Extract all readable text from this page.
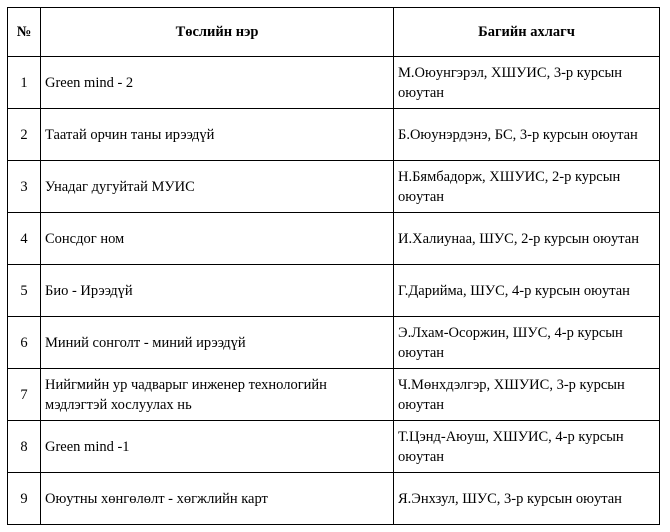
№	Төслийн нэр	Багийн ахлагч
1	Green mind - 2	М.Оюунгэрэл, ХШУИС, 3-р курсын оюутан
2	Таатай орчин таны ирээдүй	Б.Оюунэрдэнэ, БС, 3-р курсын оюутан
3	Унадаг дугуйтай МУИС	Н.Бямбадорж, ХШУИС, 2-р курсын оюутан
4	Сонсдог ном	И.Халиунаа, ШУС, 2-р курсын оюутан
5	Био - Ирээдүй	Г.Дарийма, ШУС, 4-р курсын оюутан
6	Миний сонголт - миний ирээдүй	Э.Лхам-Осоржин, ШУС, 4-р курсын оюутан
7	Нийгмийн ур чадварыг инженер технологийн мэдлэгтэй хослуулах нь	Ч.Мөнхдэлгэр, ХШУИС, 3-р курсын оюутан
8	Green mind -1	Т.Цэнд-Аюуш, ХШУИС, 4-р курсын оюутан
9	Оюутны хөнгөлөлт - хөгжлийн карт	Я.Энхзул, ШУС, 3-р курсын оюутан
